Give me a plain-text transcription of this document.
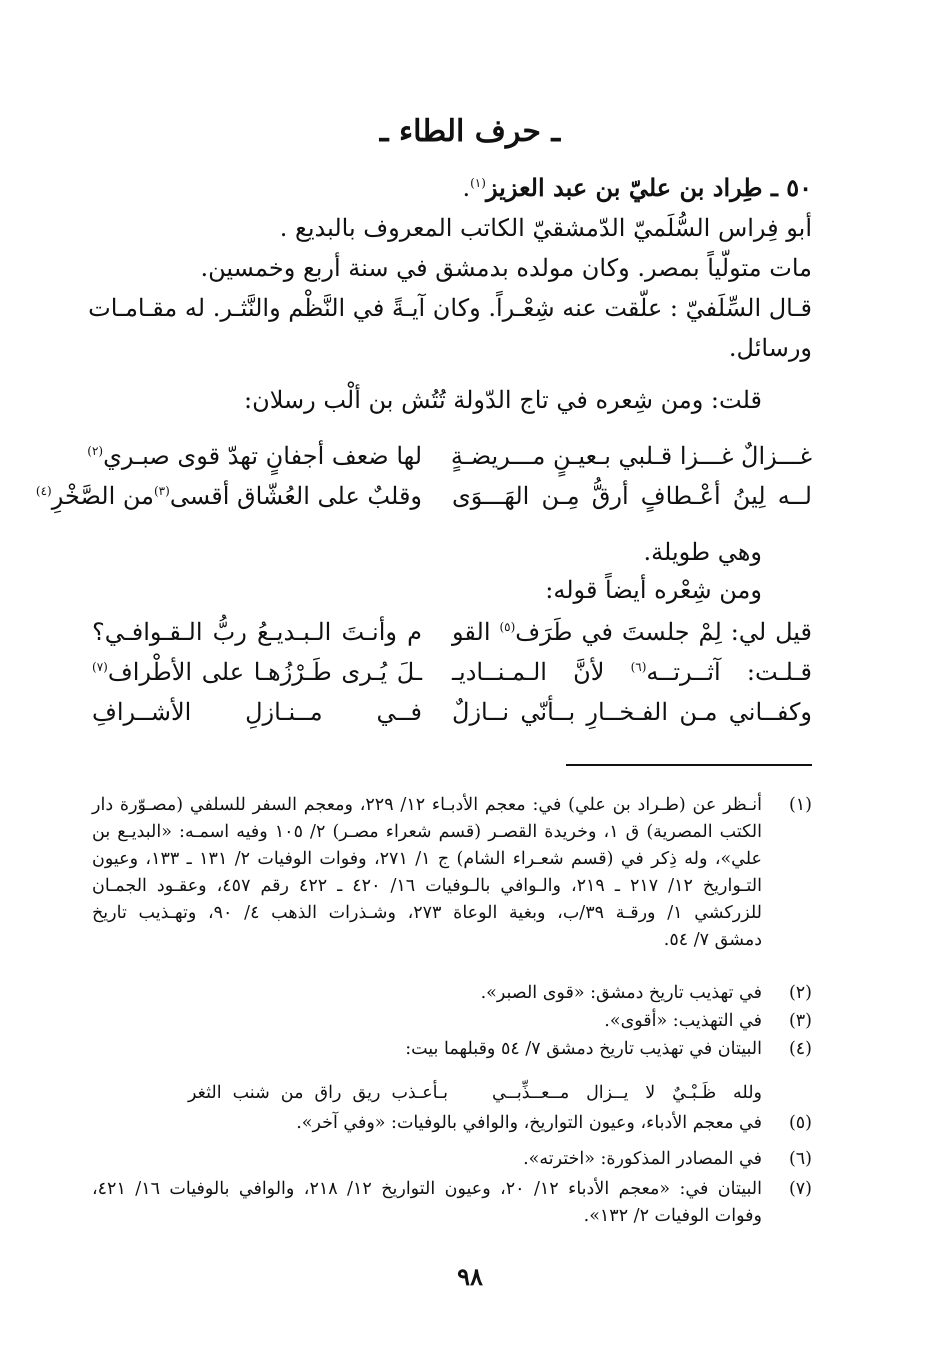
ـ حرف الطاء ـ
٥٠ ـ طِراد بن عليّ بن عبد العزيز$^{(١)}$.
أبو فِراس السُّلَميّ الدّمشقيّ الكاتب المعروف بالبديع .
مات متولّياً بمصر. وكان مولده بدمشق في سنة أربع وخمسين.
قـال السِّلَفيّ : علّقت عنه شِعْـراً. وكان آيـةً في النَّظْم والنَّثـر. له مقـامـات
ورسائل.
قلت: ومن شِعره في تاج الدّولة تُتُش بن ألْب رسلان:
غـــزالٌ غـــزا قـلبي بـعيـنٍ مـــريضـةٍ
لها ضعف أجفانٍ تهدّ قوى صبـري$^{(٢)}$
لــه لِينُ أعْـطافٍ أرقُّ مِـن الهَـــوَى
وقلبٌ على العُشّاق أقسى$^{(٣)}$من الصَّخْرِ$^{(٤)}$
وهي طويلة.
ومن شِعْره أيضاً قوله:
قيل لي: لِمْ جلستَ في طَرَف$^{(٥)}$ القو
م وأنـتَ الـبـديـعُ ربُّ الـقـوافـي؟
قـلـت: آثــرتــه$^{(٦)}$ لأنَّ الـمـنــاديـ
ـلَ يُـرى طَـرْزُهـا على الأطْراف$^{(٧)}$
وكفــاني مـن الفـخــارِ بــأنّي نــازلٌ
فــي مــنـازلِ الأشــرافِ
(١)
أنـظر عن (طـراد بن علي) في: معجم الأدبـاء ١٢/ ٢٢٩، ومعجم السفر للسلفي (مصـوّرة دار
الكتب المصرية) ق ١، وخريدة القصـر (قسم شعراء مصـر) ٢/ ١٠٥ وفيه اسمـه: «البديـع بن
علي»، وله ذِكر في (قسم شعـراء الشام) ج ١/ ٢٧١، وفوات الوفيات ٢/ ١٣١ ـ ١٣٣، وعيون
التـواريخ ١٢/ ٢١٧ ـ ٢١٩، والـوافي بالـوفيات ١٦/ ٤٢٠ ـ ٤٢٢ رقم ٤٥٧، وعقـود الجمـان
للزركشي ١/ ورقـة ٣٩/ب، وبغية الوعاة ٢٧٣، وشـذرات الذهب ٤/ ٩٠، وتهـذيب تاريخ
دمشق ٧/ ٥٤.
(٢)
في تهذيب تاريخ دمشق: «قوى الصبر».
(٣)
في التهذيب: «أقوى».
(٤)
البيتان في تهذيب تاريخ دمشق ٧/ ٥٤ وقبلهما بيت:
ولله ظَـبْـيٌ لا يــزال مــعــذِّبــي
بـأعـذب ريق راق من شنب الثغر
(٥)
في معجم الأدباء، وعيون التواريخ، والوافي بالوفيات: «وفي آخر».
(٦)
في المصادر المذكورة: «اخترته».
(٧)
البيتان في: «معجم الأدباء ١٢/ ٢٠، وعيون التواريخ ١٢/ ٢١٨، والوافي بالوفيات ١٦/ ٤٢١،
وفوات الوفيات ٢/ ١٣٢».
٩٨
